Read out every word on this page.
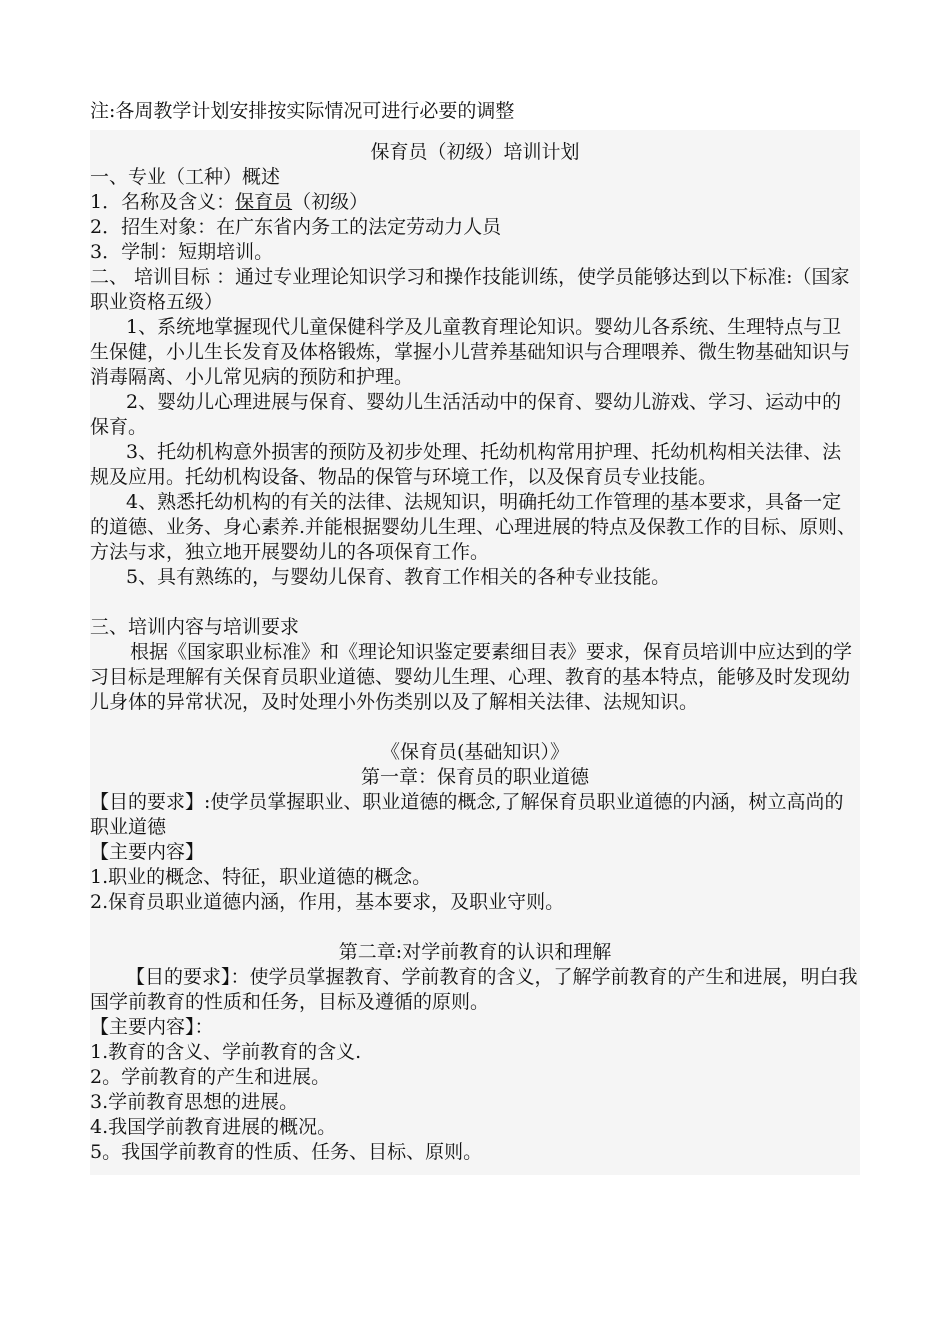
注:各周教学计划安排按实际情况可进行必要的调整

保育员（初级）培训计划

一、专业（工种）概述

1．名称及含义：保育员（初级）

2．招生对象：在广东省内务工的法定劳动力人员

3．学制：短期培训。

二、 培训目标 ：通过专业理论知识学习和操作技能训练，使学员能够达到以下标准:（国家职业资格五级）

1、系统地掌握现代儿童保健科学及儿童教育理论知识。婴幼儿各系统、生理特点与卫生保健，小儿生长发育及体格锻炼，掌握小儿营养基础知识与合理喂养、微生物基础知识与消毒隔离、小儿常见病的预防和护理。

2、婴幼儿心理进展与保育、婴幼儿生活活动中的保育、婴幼儿游戏、学习、运动中的保育。

3、托幼机构意外损害的预防及初步处理、托幼机构常用护理、托幼机构相关法律、法规及应用。托幼机构设备、物品的保管与环境工作，以及保育员专业技能。

4、熟悉托幼机构的有关的法律、法规知识，明确托幼工作管理的基本要求，具备一定的道德、业务、身心素养.并能根据婴幼儿生理、心理进展的特点及保教工作的目标、原则、方法与求，独立地开展婴幼儿的各项保育工作。

5、具有熟练的，与婴幼儿保育、教育工作相关的各种专业技能。

三、培训内容与培训要求

根据《国家职业标准》和《理论知识鉴定要素细目表》要求，保育员培训中应达到的学习目标是理解有关保育员职业道德、婴幼儿生理、心理、教育的基本特点，能够及时发现幼儿身体的异常状况，及时处理小外伤类别以及了解相关法律、法规知识。

《保育员(基础知识）》

第一章：保育员的职业道德

【目的要求】:使学员掌握职业、职业道德的概念,了解保育员职业道德的内涵，树立高尚的职业道德

【主要内容】

1.职业的概念、特征，职业道德的概念。

2.保育员职业道德内涵，作用，基本要求，及职业守则。

第二章:对学前教育的认识和理解

【目的要求】：使学员掌握教育、学前教育的含义，了解学前教育的产生和进展，明白我国学前教育的性质和任务，目标及遵循的原则。

【主要内容】：

1.教育的含义、学前教育的含义.

2。学前教育的产生和进展。

3.学前教育思想的进展。

4.我国学前教育进展的概况。

5。我国学前教育的性质、任务、目标、原则。
